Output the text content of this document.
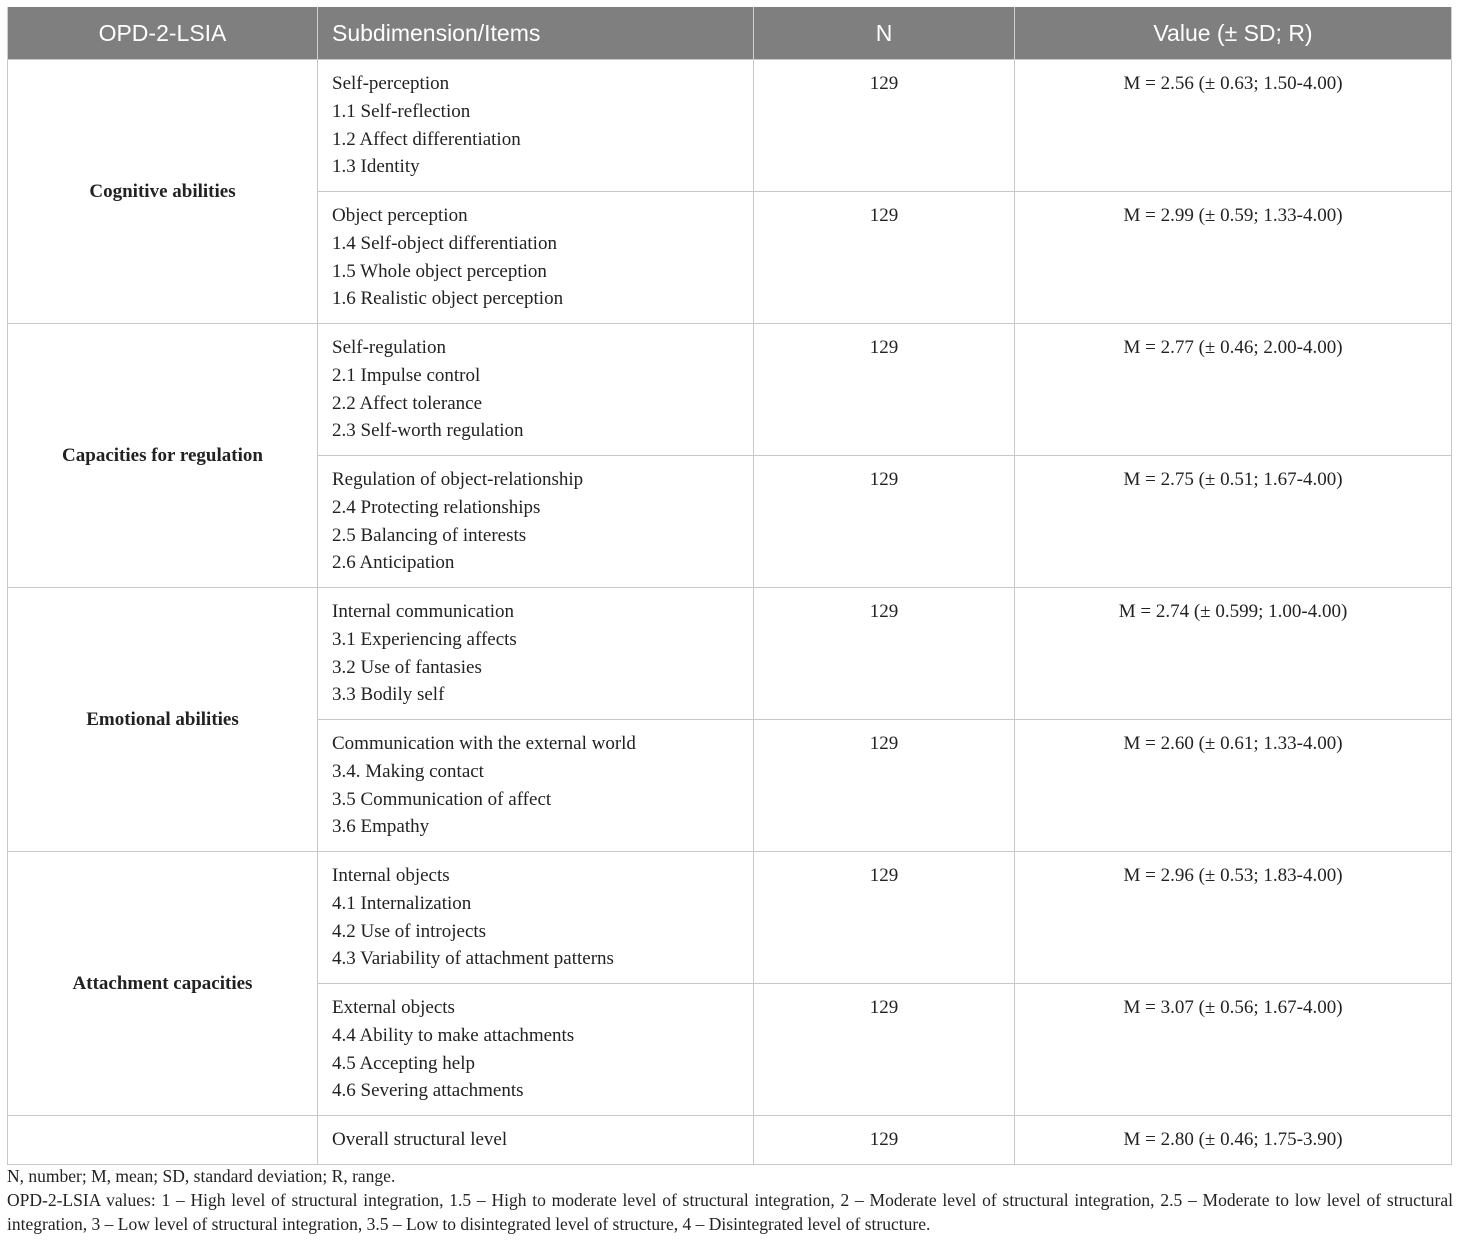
OPD-2-LSIA	Subdimension/Items	N	Value (± SD; R)
Cognitive abilities	Self-perception
1.1 Self-reflection
1.2 Affect differentiation
1.3 Identity	129	M = 2.56 (± 0.63; 1.50-4.00)

	Object perception
1.4 Self-object differentiation
1.5 Whole object perception
1.6 Realistic object perception	129	M = 2.99 (± 0.59; 1.33-4.00)
Capacities for regulation	Self-regulation
2.1 Impulse control
2.2 Affect tolerance
2.3 Self-worth regulation	129	M = 2.77 (± 0.46; 2.00-4.00)

	Regulation of object-relationship
2.4 Protecting relationships
2.5 Balancing of interests
2.6 Anticipation	129	M = 2.75 (± 0.51; 1.67-4.00)
Emotional abilities	Internal communication
3.1 Experiencing affects
3.2 Use of fantasies
3.3 Bodily self	129	M = 2.74 (± 0.599; 1.00-4.00)

	Communication with the external world
3.4. Making contact
3.5 Communication of affect
3.6 Empathy	129	M = 2.60 (± 0.61; 1.33-4.00)
Attachment capacities	Internal objects
4.1 Internalization
4.2 Use of introjects
4.3 Variability of attachment patterns	129	M = 2.96 (± 0.53; 1.83-4.00)

	External objects
4.4 Ability to make attachments
4.5 Accepting help
4.6 Severing attachments	129	M = 3.07 (± 0.56; 1.67-4.00)

	Overall structural level	129	M = 2.80 (± 0.46; 1.75-3.90)

N, number; M, mean; SD, standard deviation; R, range.

OPD-2-LSIA values: 1 – High level of structural integration, 1.5 – High to moderate level of structural integration, 2 – Moderate level of structural integration, 2.5 – Moderate to low level of structural integration, 3 – Low level of structural integration, 3.5 – Low to disintegrated level of structure, 4 – Disintegrated level of structure.
